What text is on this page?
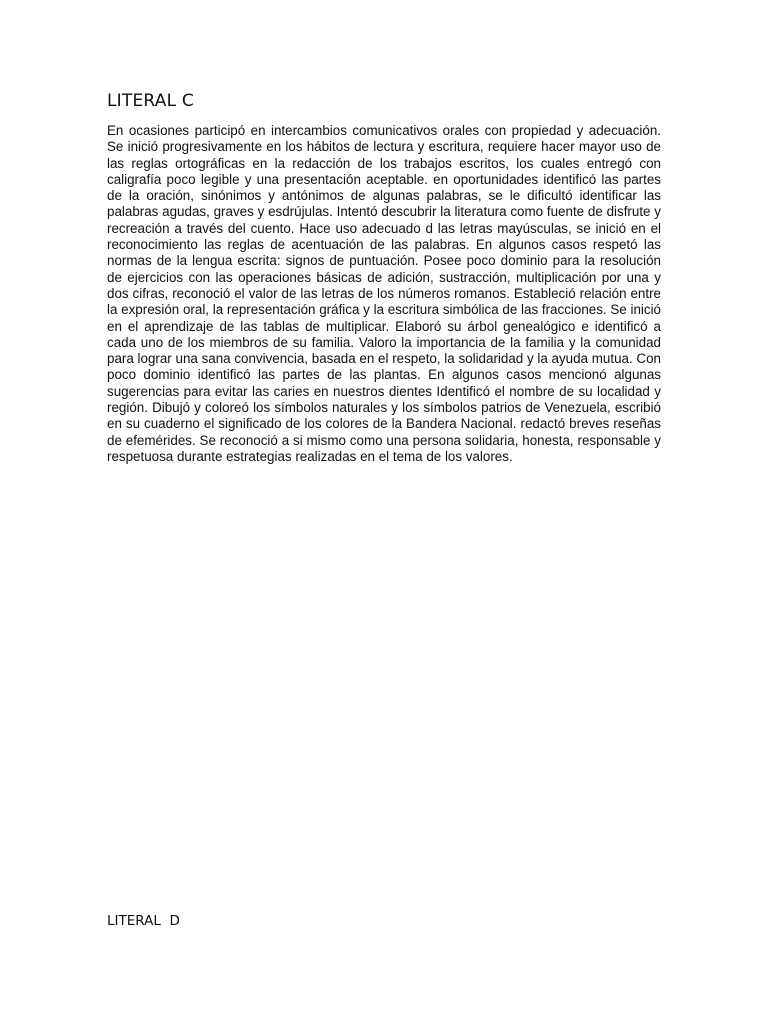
LITERAL C

En ocasiones participó en intercambios comunicativos orales con propiedad y adecuación. Se inició progresivamente en los hábitos de lectura y escritura, requiere hacer mayor uso de las reglas ortográficas en la redacción de los trabajos escritos, los cuales entregó con caligrafía poco legible y una presentación aceptable. en oportunidades identificó las partes de la oración, sinónimos y antónimos de algunas palabras, se le dificultó identificar las palabras agudas, graves y esdrújulas. Intentó descubrir la literatura como fuente de disfrute y recreación a través del cuento. Hace uso adecuado d las letras mayúsculas, se inició en el reconocimiento las reglas de acentuación de las palabras. En algunos casos respetó las normas de la lengua escrita: signos de puntuación. Posee poco dominio para la resolución de ejercicios con las operaciones básicas de adición, sustracción, multiplicación por una y dos cifras, reconoció el valor de las letras de los números romanos. Estableció relación entre la expresión oral, la representación gráfica y la escritura simbólica de las fracciones. Se inició en el aprendizaje de las tablas de multiplicar. Elaboró su árbol genealógico e identificó a cada uno de los miembros de su familia. Valoro la importancia de la familia y la comunidad para lograr una sana convivencia, basada en el respeto, la solidaridad y la ayuda mutua. Con poco dominio identificó las partes de las plantas. En algunos casos mencionó algunas sugerencias para evitar las caries en nuestros dientes Identificó el nombre de su localidad y región. Dibujó y coloreó los símbolos naturales y los símbolos patrios de Venezuela, escribió en su cuaderno el significado de los colores de la Bandera Nacional. redactó breves reseñas de efemérides. Se reconoció a si mismo como una persona solidaria, honesta, responsable y respetuosa durante estrategias realizadas en el tema de los valores.

LITERAL  D
